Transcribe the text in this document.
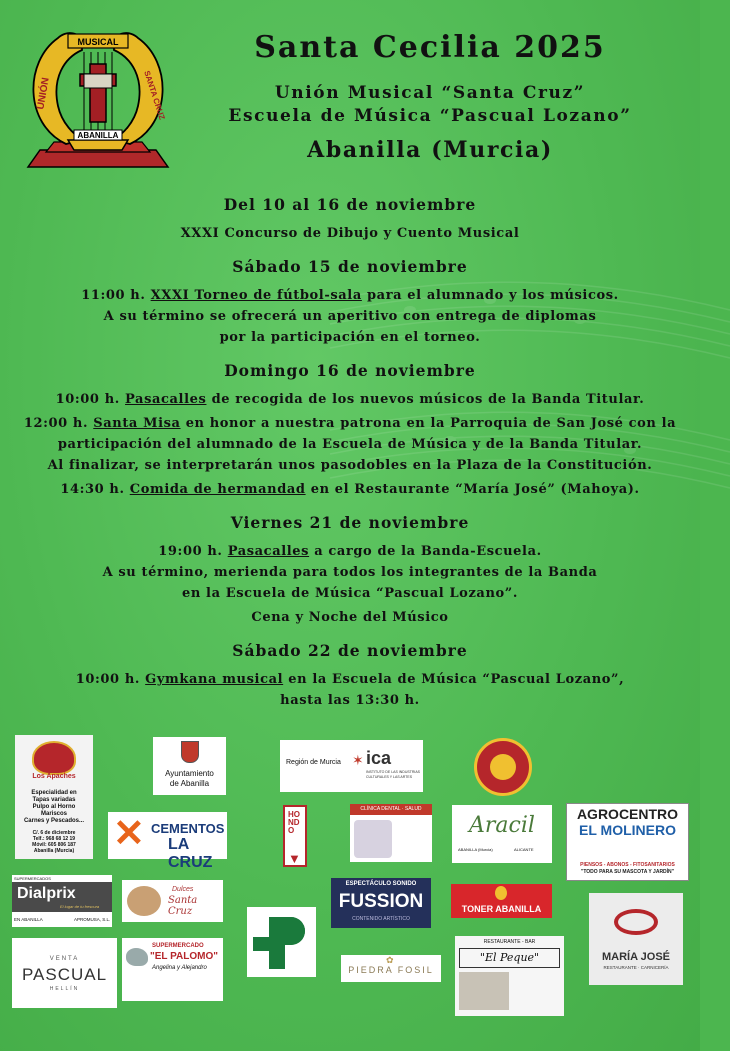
MUSICAL
UNIÓN	SANTA CRUZ
ABANILLA
Santa Cecilia 2025
Unión Musical “Santa Cruz”
Escuela de Música “Pascual Lozano”
Abanilla (Murcia)
Del 10 al 16 de noviembre

XXXI Concurso de Dibujo y Cuento Musical

Sábado 15 de noviembre

11:00 h. XXXI Torneo de fútbol-sala para el alumnado y los músicos.

A su término se ofrecerá un aperitivo con entrega de diplomas

por la participación en el torneo.

Domingo 16 de noviembre

10:00 h. Pasacalles de recogida de los nuevos músicos de la Banda Titular.

12:00 h. Santa Misa en honor a nuestra patrona en la Parroquia de San José con la

participación del alumnado de la Escuela de Música y de la Banda Titular.

Al finalizar, se interpretarán unos pasodobles en la Plaza de la Constitución.

14:30 h. Comida de hermandad en el Restaurante “María José” (Mahoya).

Viernes 21 de noviembre

19:00 h. Pasacalles a cargo de la Banda-Escuela.

A su término, merienda para todos los integrantes de la Banda

en la Escuela de Música “Pascual Lozano”.

Cena y Noche del Músico

Sábado 22 de noviembre

10:00 h. Gymkana musical en la Escuela de Música “Pascual Lozano”,

hasta las 13:30 h.

Los Apaches
Especialidad en
Tapas variadas
Pulpo al Horno
Mariscos
Carnes y Pescados...
C/. 6 de diciembre
Telf.: 968 68 12 19
Móvil: 605 806 187
Abanilla (Murcia)
Ayuntamiento
de Abanilla
Región de Murcia ica
INSTITUTO DE LAS INDUSTRIAS CULTURALES Y LAS ARTES
✶
✕ CEMENTOS
LA CRUZ
HONDO
▼
CLÍNICA DENTAL · SALUD
Aracil
ABANILLA (Murcia)	ALICANTE
AGROCENTRO
EL MOLINERO
PIENSOS - ABONOS - FITOSANITARIOS
"TODO PARA SU MASCOTA Y JARDÍN"
SUPERMERCADOS
Dialprix
El lugar de tu frescura
EN ABANILLA	APROMUSA, S.L.
Dulces
Santa Cruz
ESPECTÁCULO SONIDO
FUSSION
CONTENIDO ARTÍSTICO
TONER ABANILLA
MARÍA JOSÉ
RESTAURANTE · CARNICERÍA
VENTA
PASCUAL
HELLÍN
SUPERMERCADO
"EL PALOMO"
Angelina y Alejandro	PIEDRA FOSIL
✿
RESTAURANTE - BAR
"El Peque"
